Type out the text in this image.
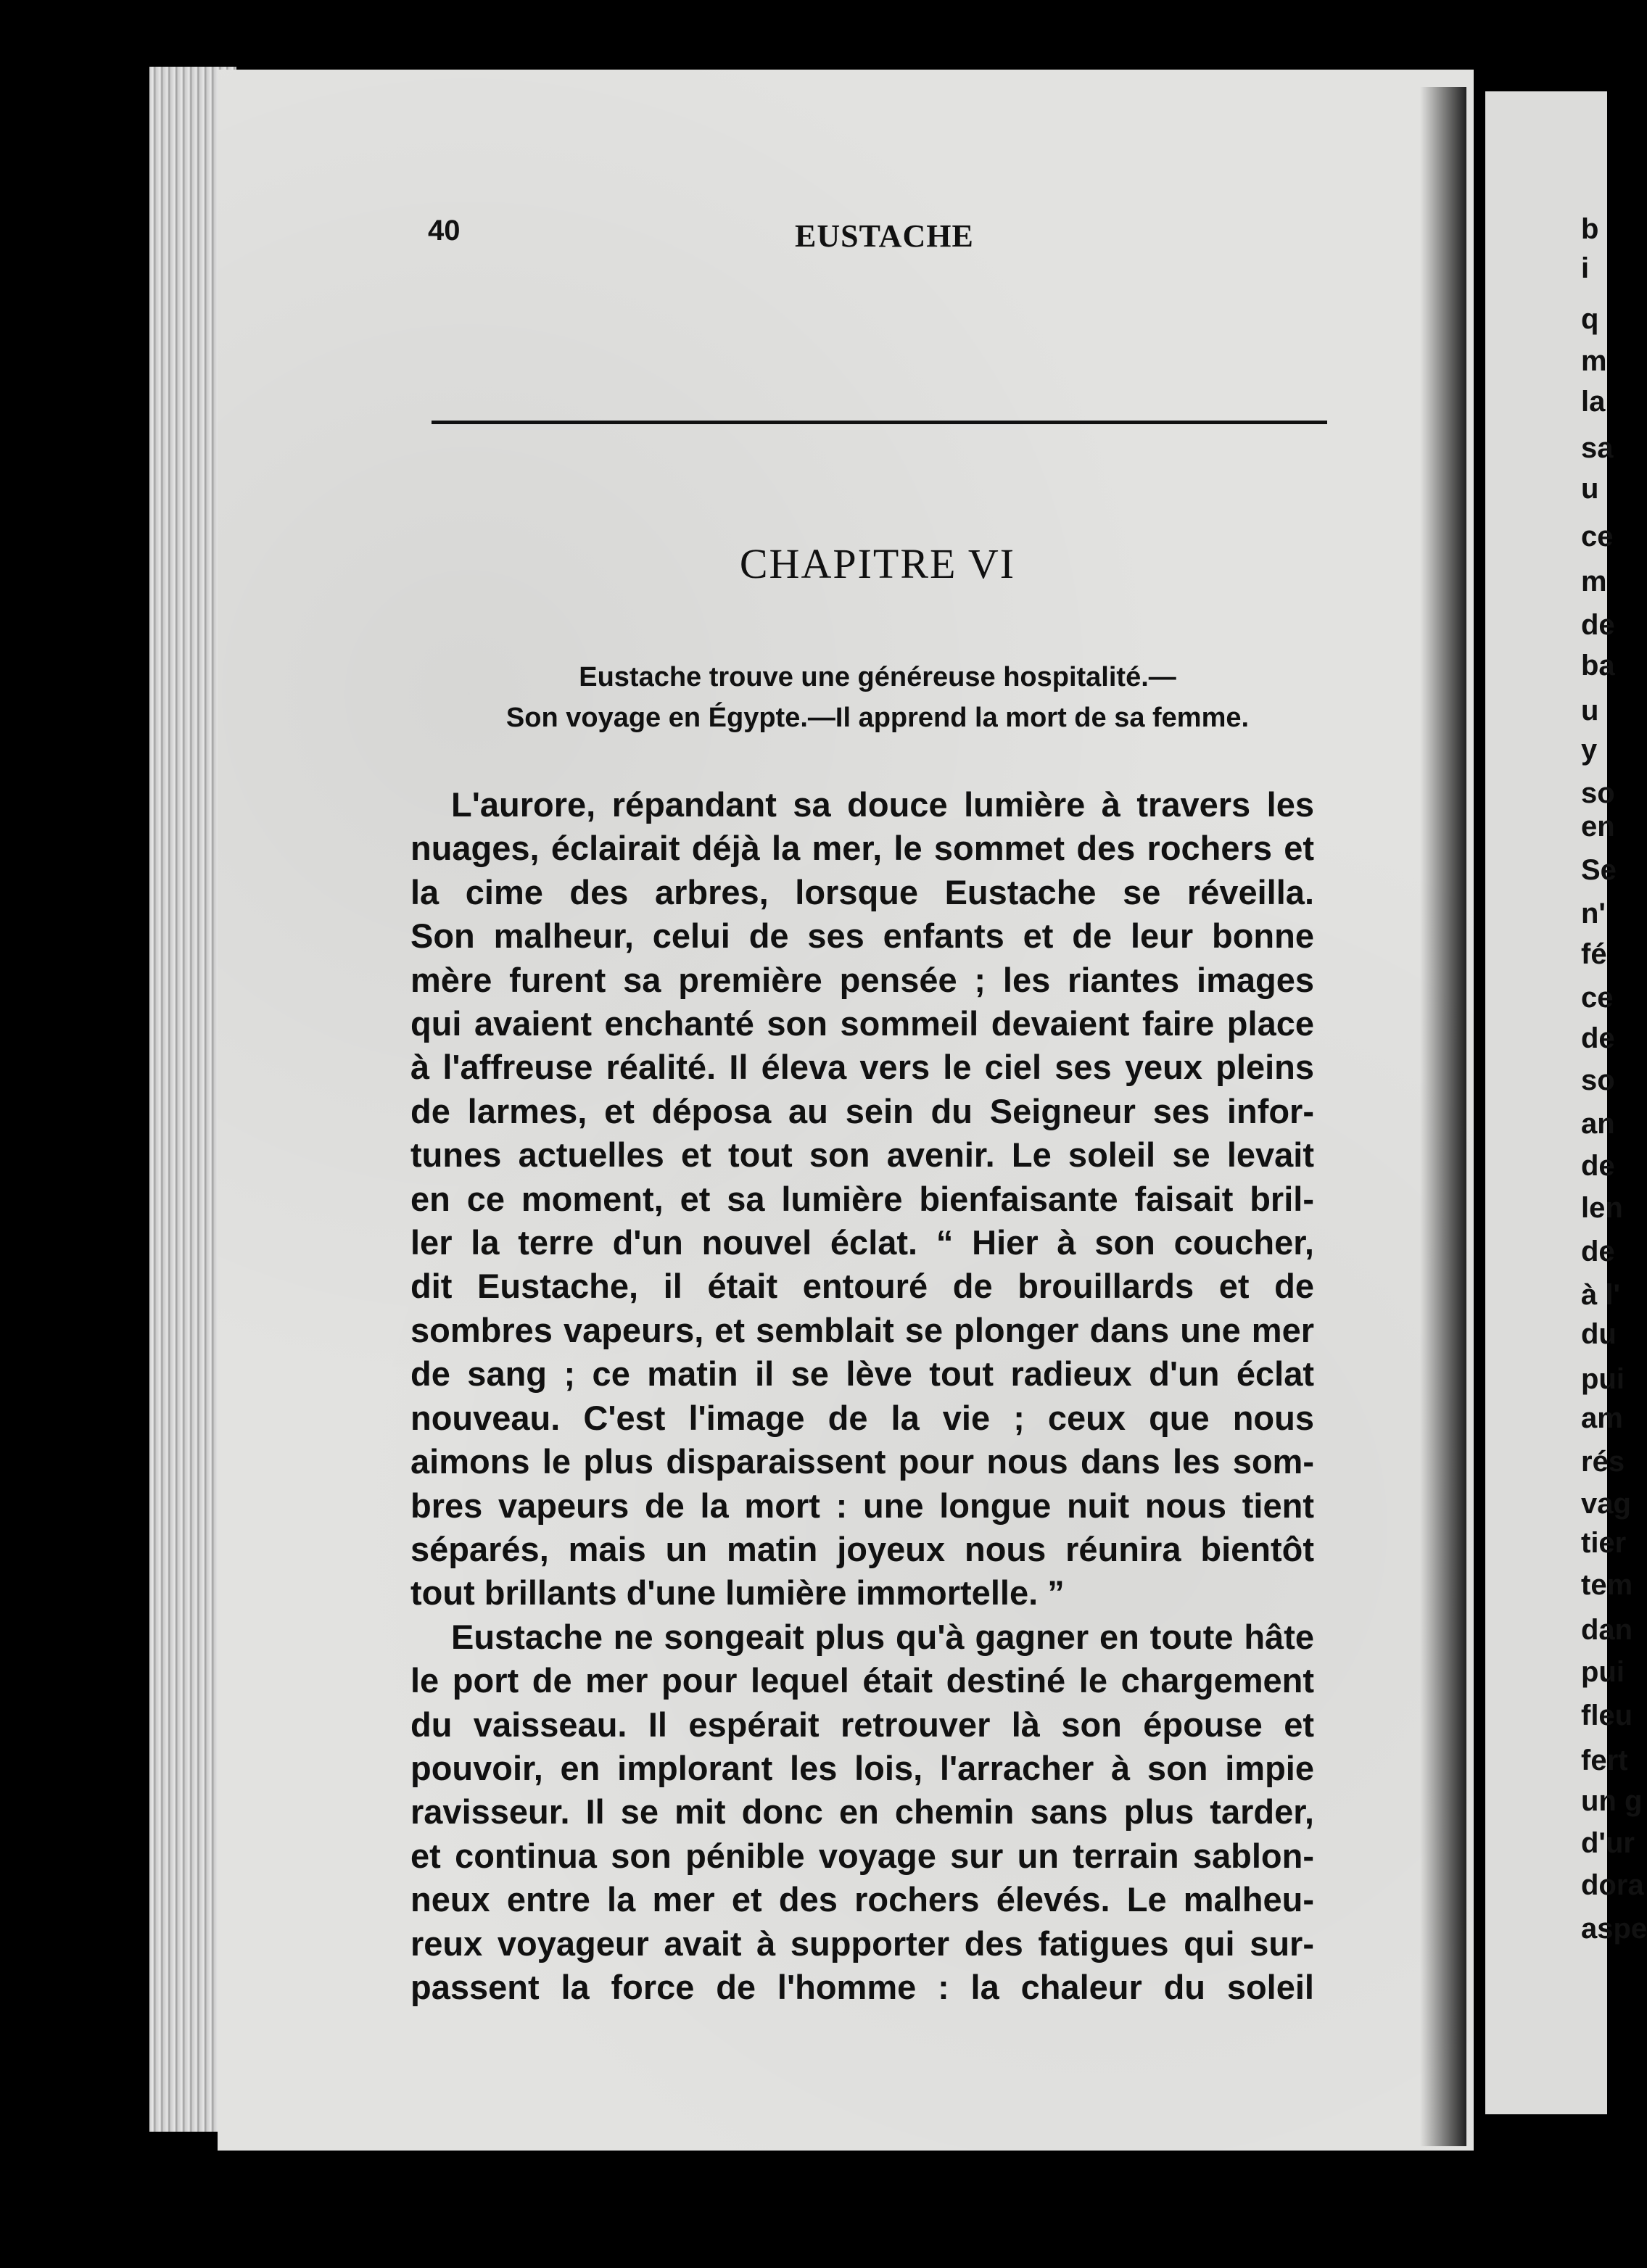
b
i
q
m
la
sa
u
ce
m
de
ba
u
y
so
en
Se
n'
fé
ce
de
so
an
de
len
de
à l'
du
pui
am
rés
vag
tier
tem
dan
pui
fleu
fert
un g
d'ur
dora
aspe
40	EUSTACHE
CHAPITRE VI
Eustache trouve une généreuse hospitalité.—
Son voyage en Égypte.—Il apprend la mort de sa femme.
L'aurore, répandant sa douce lumière à travers les
nuages, éclairait déjà la mer, le sommet des rochers et
la cime des arbres, lorsque Eustache se réveilla.
Son malheur, celui de ses enfants et de leur bonne
mère furent sa première pensée ; les riantes images
qui avaient enchanté son sommeil devaient faire place
à l'affreuse réalité. Il éleva vers le ciel ses yeux pleins
de larmes, et déposa au sein du Seigneur ses infor-
tunes actuelles et tout son avenir. Le soleil se levait
en ce moment, et sa lumière bienfaisante faisait bril-
ler la terre d'un nouvel éclat. “ Hier à son coucher,
dit Eustache, il était entouré de brouillards et de
sombres vapeurs, et semblait se plonger dans une mer
de sang ; ce matin il se lève tout radieux d'un éclat
nouveau. C'est l'image de la vie ; ceux que nous
aimons le plus disparaissent pour nous dans les som-
bres vapeurs de la mort : une longue nuit nous tient
séparés, mais un matin joyeux nous réunira bientôt
tout brillants d'une lumière immortelle. ”
Eustache ne songeait plus qu'à gagner en toute hâte
le port de mer pour lequel était destiné le chargement
du vaisseau. Il espérait retrouver là son épouse et
pouvoir, en implorant les lois, l'arracher à son impie
ravisseur. Il se mit donc en chemin sans plus tarder,
et continua son pénible voyage sur un terrain sablon-
neux entre la mer et des rochers élevés. Le malheu-
reux voyageur avait à supporter des fatigues qui sur-
passent la force de l'homme : la chaleur du soleil
